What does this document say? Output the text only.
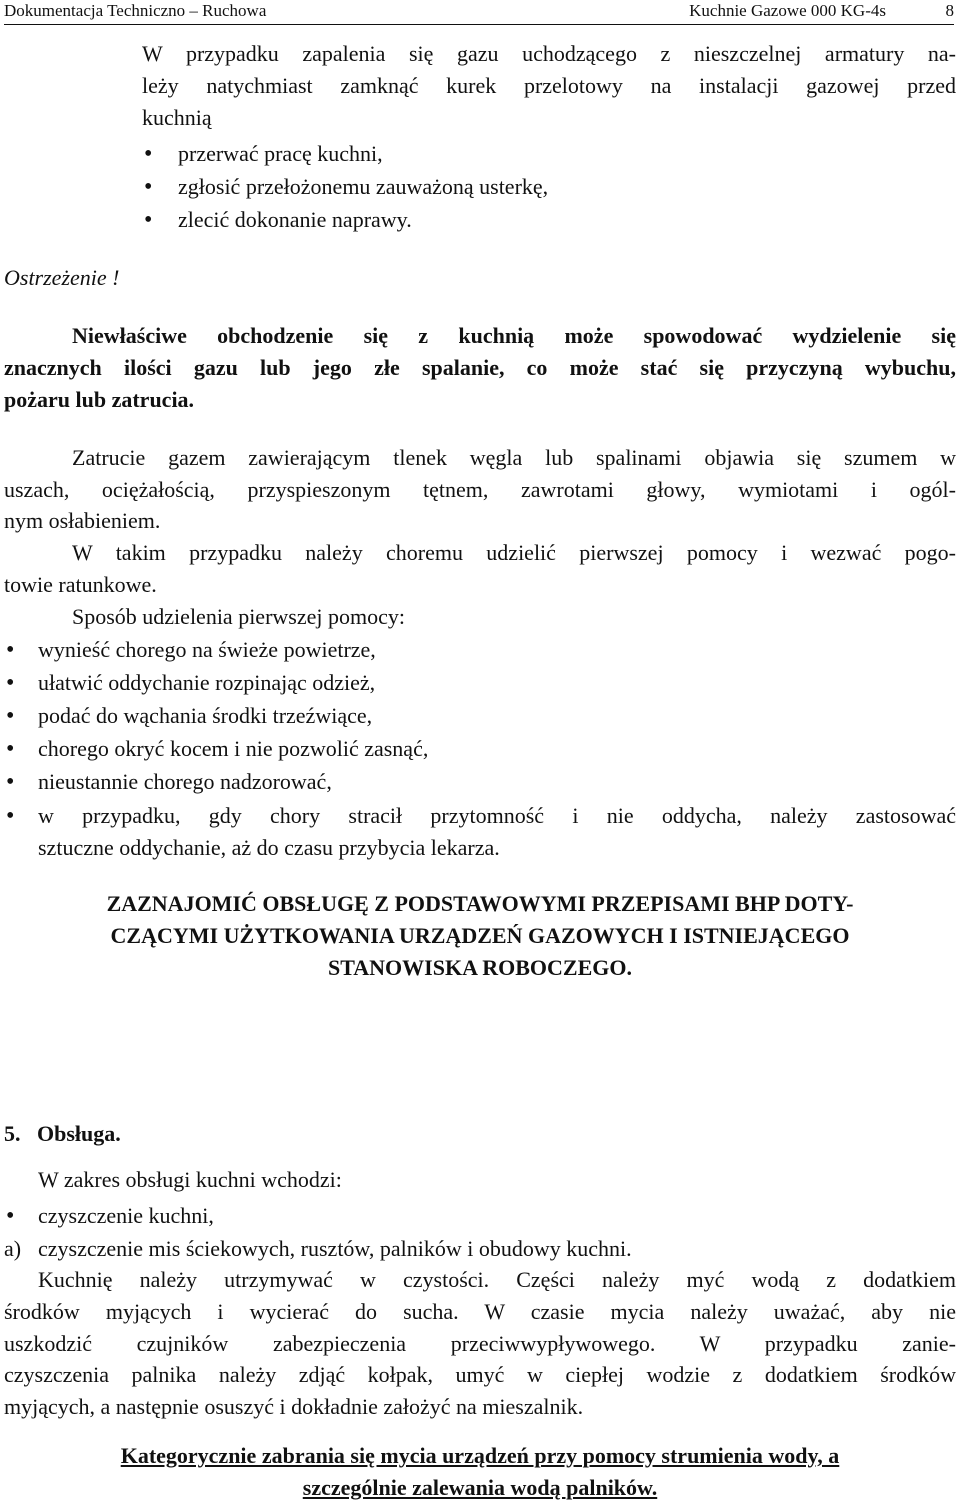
Dokumentacja Techniczno – Ruchowa	Kuchnie Gazowe 000 KG-4s	8
W przypadku zapalenia się gazu uchodzącego z nieszczelnej armatury na-
leży natychmiast zamknąć kurek przelotowy na instalacji gazowej przed
kuchnią
• przerwać pracę kuchni,
• zgłosić przełożonemu zauważoną usterkę,
• zlecić dokonanie naprawy.
Ostrzeżenie !
Niewłaściwe obchodzenie się z kuchnią może spowodować wydzielenie się
znacznych ilości gazu lub jego złe spalanie, co może stać się przyczyną wybuchu,
pożaru lub zatrucia.
Zatrucie gazem zawierającym tlenek węgla lub spalinami objawia się szumem w
uszach, ociężałością, przyspieszonym tętnem, zawrotami głowy, wymiotami i ogól-
nym osłabieniem.
W takim przypadku należy choremu udzielić pierwszej pomocy i wezwać pogo-
towie ratunkowe.
Sposób udzielenia pierwszej pomocy:
• wynieść chorego na świeże powietrze,
• ułatwić oddychanie rozpinając odzież,
• podać do wąchania środki trzeźwiące,
• chorego okryć kocem i nie pozwolić zasnąć,
• nieustannie chorego nadzorować,
• w przypadku, gdy chory stracił przytomność i nie oddycha, należy zastosować
sztuczne oddychanie, aż do czasu przybycia lekarza.
ZAZNAJOMIĆ OBSŁUGĘ Z PODSTAWOWYMI PRZEPISAMI BHP DOTY-
CZĄCYMI UŻYTKOWANIA URZĄDZEŃ GAZOWYCH I ISTNIEJĄCEGO
STANOWISKA ROBOCZEGO.
5.   Obsługa.
W zakres obsługi kuchni wchodzi:
• czyszczenie kuchni,
a) czyszczenie mis ściekowych, rusztów, palników i obudowy kuchni.
Kuchnię należy utrzymywać w czystości. Części należy myć wodą z dodatkiem
środków myjących i wycierać do sucha. W czasie mycia należy uważać, aby nie
uszkodzić czujników zabezpieczenia przeciwwypływowego. W przypadku zanie-
czyszczenia palnika należy zdjąć kołpak, umyć w ciepłej wodzie z dodatkiem środków
myjących, a następnie osuszyć i dokładnie założyć na mieszalnik.
Kategorycznie zabrania się mycia urządzeń przy pomocy strumienia wody, a
szczególnie zalewania wodą palników.
